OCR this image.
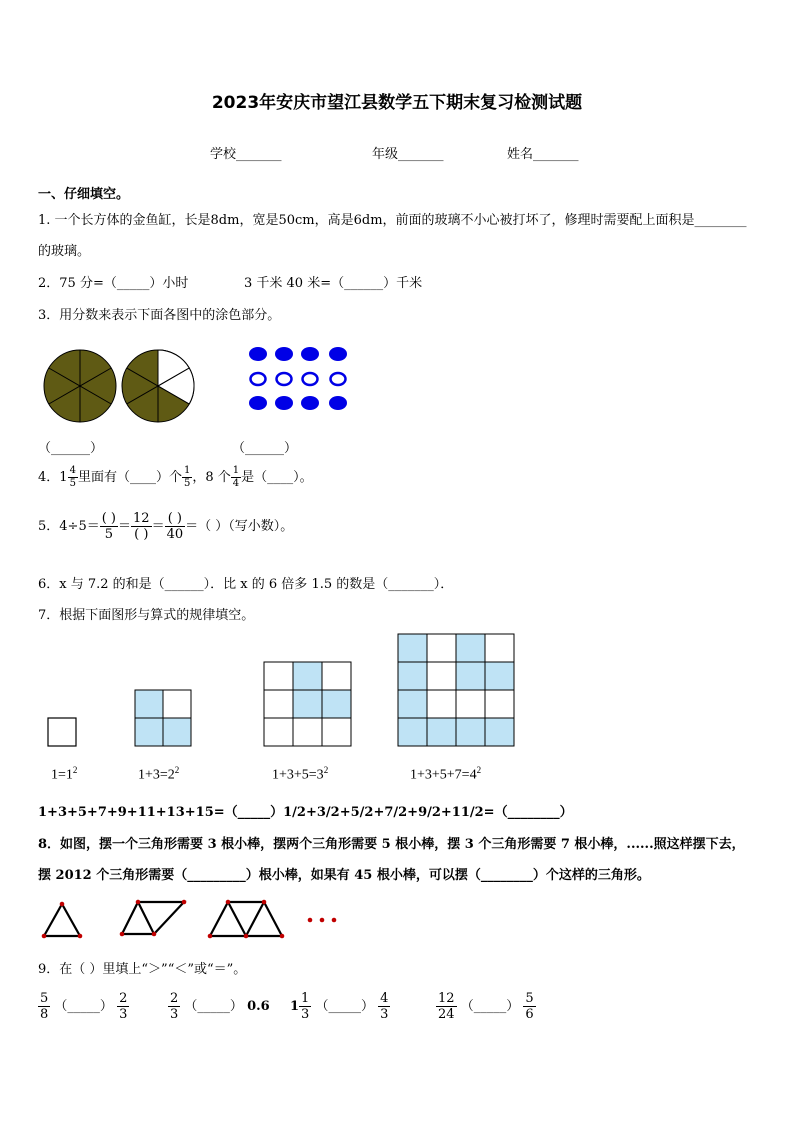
2023年安庆市望江县数学五下期末复习检测试题
学校_______	年级_______	姓名_______
一、仔细填空。
1. 一个长方体的金鱼缸，长是8dm，宽是50cm，高是6dm，前面的玻璃不小心被打坏了，修理时需要配上面积是________
的玻璃。
2．75 分=（_____）小时	3 千米 40 米=（______）千米
3．用分数来表示下面各图中的涂色部分。
（______）	（______）
4．$1 \frac{4}{5}$ 里面有（____）个 $\frac{1}{5}$ ，8 个 $\frac{1}{4}$ 是（____）。
5．$4\div 5= \frac{( )}{5} = \frac{12}{( )} = \frac{( )}{40}$ ＝（ ）（写小数）。
6．x 与 7.2 的和是（______）．比 x 的 6 倍多 1.5 的数是（_______）．
7．根据下面图形与算式的规律填空。
$1=1^2$	$1+3=2^2$	$1+3+5=3^2$	$1+3+5+7=4^2$
1+3+5+7+9+11+13+15=（_____）1/2+3/2+5/2+7/2+9/2+11/2=（________）
8．如图，摆一个三角形需要 3 根小棒，摆两个三角形需要 5 根小棒，摆 3 个三角形需要 7 根小棒，......照这样摆下去，
摆 2012 个三角形需要（_________）根小棒，如果有 45 根小棒，可以摆（________）个这样的三角形。
9．在（ ）里填上“＞”“＜”或“＝”。
$\frac{5}{8}$ （_____） $\frac{2}{3}$	$\frac{2}{3}$ （_____） 0.6 $1 \frac{1}{3}$ （_____） $\frac{4}{3}$	$\frac{12}{24}$ （_____） $\frac{5}{6}$
